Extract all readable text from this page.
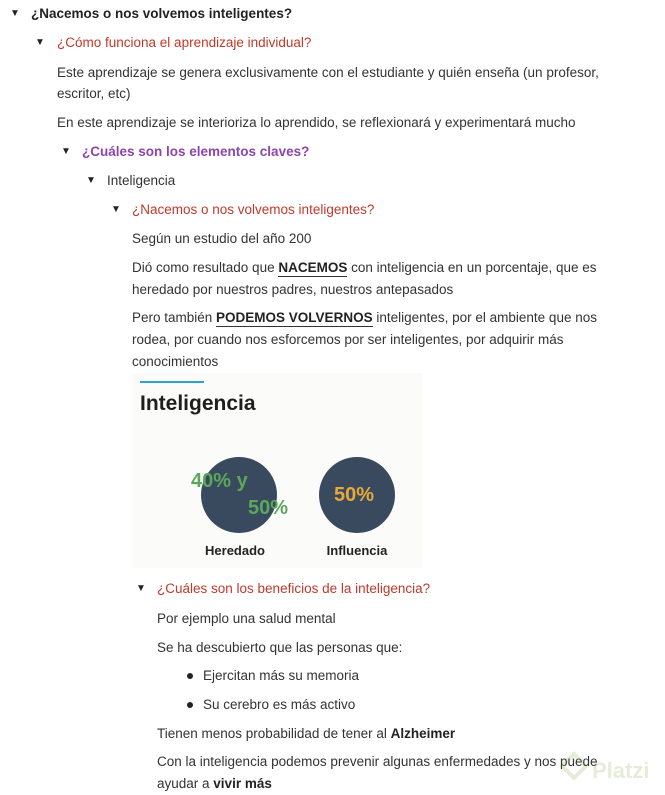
▼ ¿Nacemos o nos volvemos inteligentes?
▼ ¿Cómo funciona el aprendizaje individual?
Este aprendizaje se genera exclusivamente con el estudiante y quién enseña (un profesor,
escritor, etc)
En este aprendizaje se interioriza lo aprendido, se reflexionará y experimentará mucho
▼ ¿Cuáles son los elementos claves?
▼ Inteligencia
▼ ¿Nacemos o nos volvemos inteligentes?
Según un estudio del año 200
Dió como resultado que NACEMOS con inteligencia en un porcentaje, que es
heredado por nuestros padres, nuestros antepasados
Pero también PODEMOS VOLVERNOS inteligentes, por el ambiente que nos
rodea, por cuando nos esforcemos por ser inteligentes, por adquirir más
conocimientos
Inteligencia
40% y
50%
Heredado
50%
Influencia
▼ ¿Cuáles son los beneficios de la inteligencia?
Por ejemplo una salud mental
Se ha descubierto que las personas que:
Ejercitan más su memoria
Su cerebro es más activo
Tienen menos probabilidad de tener al Alzheimer
Con la inteligencia podemos prevenir algunas enfermedades y nos puede
ayudar a vivir más
Platzi
